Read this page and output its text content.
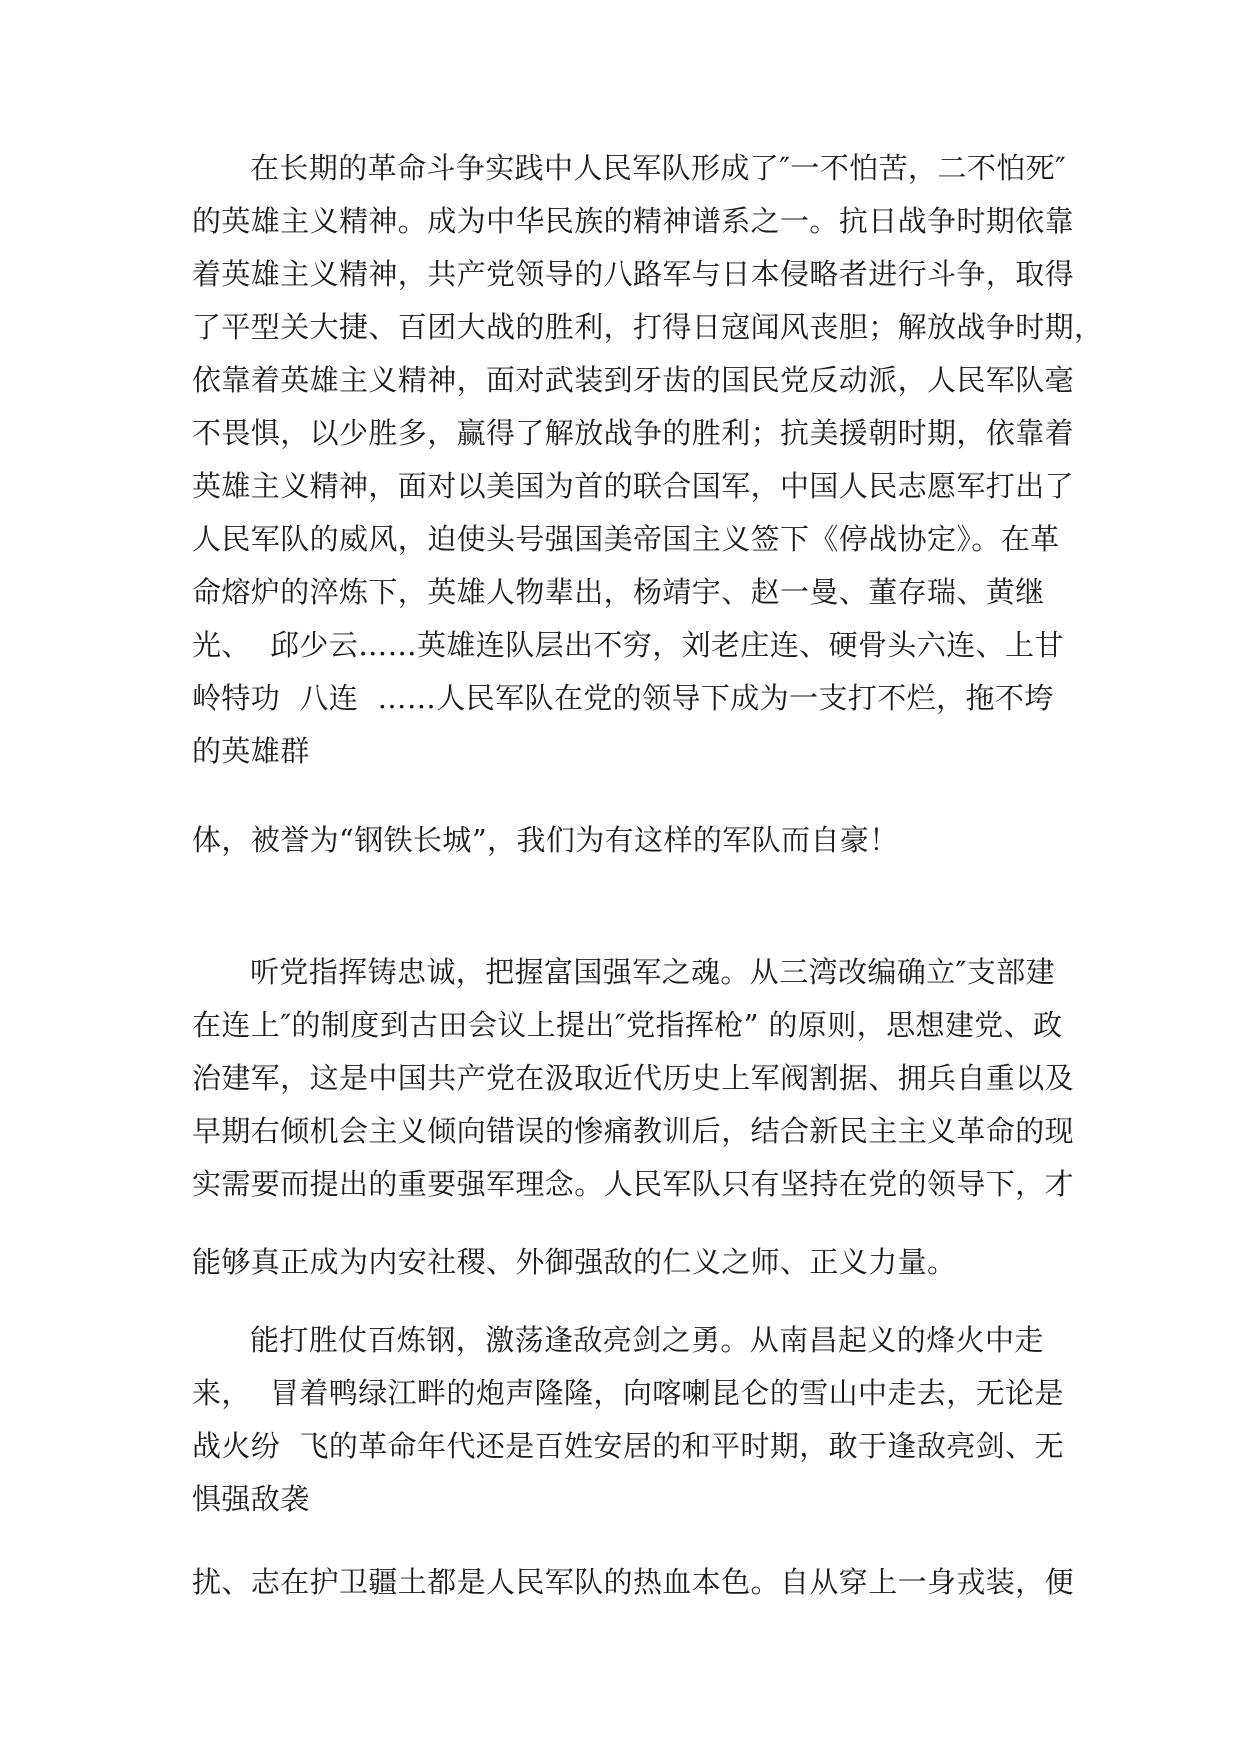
在长期的革命斗争实践中人民军队形成了″一不怕苦，二不怕死″
的英雄主义精神。成为中华民族的精神谱系之一。抗日战争时期依靠
着英雄主义精神，共产党领导的八路军与日本侵略者进行斗争，取得
了平型关大捷、百团大战的胜利，打得日寇闻风丧胆；解放战争时期，
依靠着英雄主义精神，面对武装到牙齿的国民党反动派，人民军队毫
不畏惧，以少胜多，赢得了解放战争的胜利；抗美援朝时期，依靠着
英雄主义精神，面对以美国为首的联合国军，中国人民志愿军打出了
人民军队的威风，迫使头号强国美帝国主义签下《停战协定》。在革
命熔炉的淬炼下，英雄人物辈出，杨靖宇、赵一曼、董存瑞、黄继
光、  邱少云……英雄连队层出不穷，刘老庄连、硬骨头六连、上甘
岭特功  八连  ……人民军队在党的领导下成为一支打不烂，拖不垮
的英雄群
体，被誉为“钢铁长城”，我们为有这样的军队而自豪！
听党指挥铸忠诚，把握富国强军之魂。从三湾改编确立″支部建
在连上″的制度到古田会议上提出″党指挥枪” 的原则，思想建党、政
治建军，这是中国共产党在汲取近代历史上军阀割据、拥兵自重以及
早期右倾机会主义倾向错误的惨痛教训后，结合新民主主义革命的现
实需要而提出的重要强军理念。人民军队只有坚持在党的领导下，才
能够真正成为内安社稷、外御强敌的仁义之师、正义力量。
能打胜仗百炼钢，激荡逢敌亮剑之勇。从南昌起义的烽火中走
来，  冒着鸭绿江畔的炮声隆隆，向喀喇昆仑的雪山中走去，无论是
战火纷  飞的革命年代还是百姓安居的和平时期，敢于逢敌亮剑、无
惧强敌袭
扰、志在护卫疆土都是人民军队的热血本色。自从穿上一身戎装，便
